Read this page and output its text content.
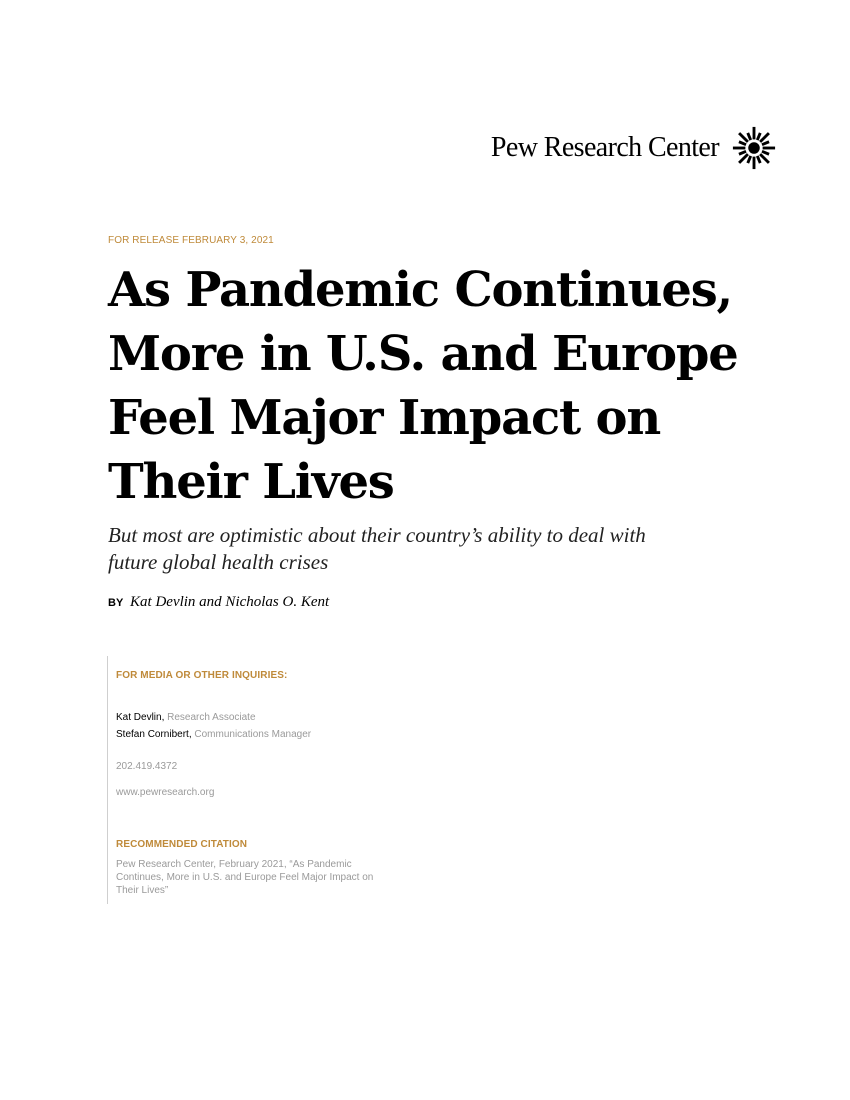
Pew Research Center
FOR RELEASE FEBRUARY 3, 2021
As Pandemic Continues,
More in U.S. and Europe
Feel Major Impact on
Their Lives

But most are optimistic about their country’s ability to deal with
future global health crises

BY Kat Devlin and Nicholas O. Kent
FOR MEDIA OR OTHER INQUIRIES:
Kat Devlin, Research Associate
Stefan Cornibert, Communications Manager
202.419.4372
www.pewresearch.org
RECOMMENDED CITATION
Pew Research Center, February 2021, “As Pandemic
Continues, More in U.S. and Europe Feel Major Impact on
Their Lives”
